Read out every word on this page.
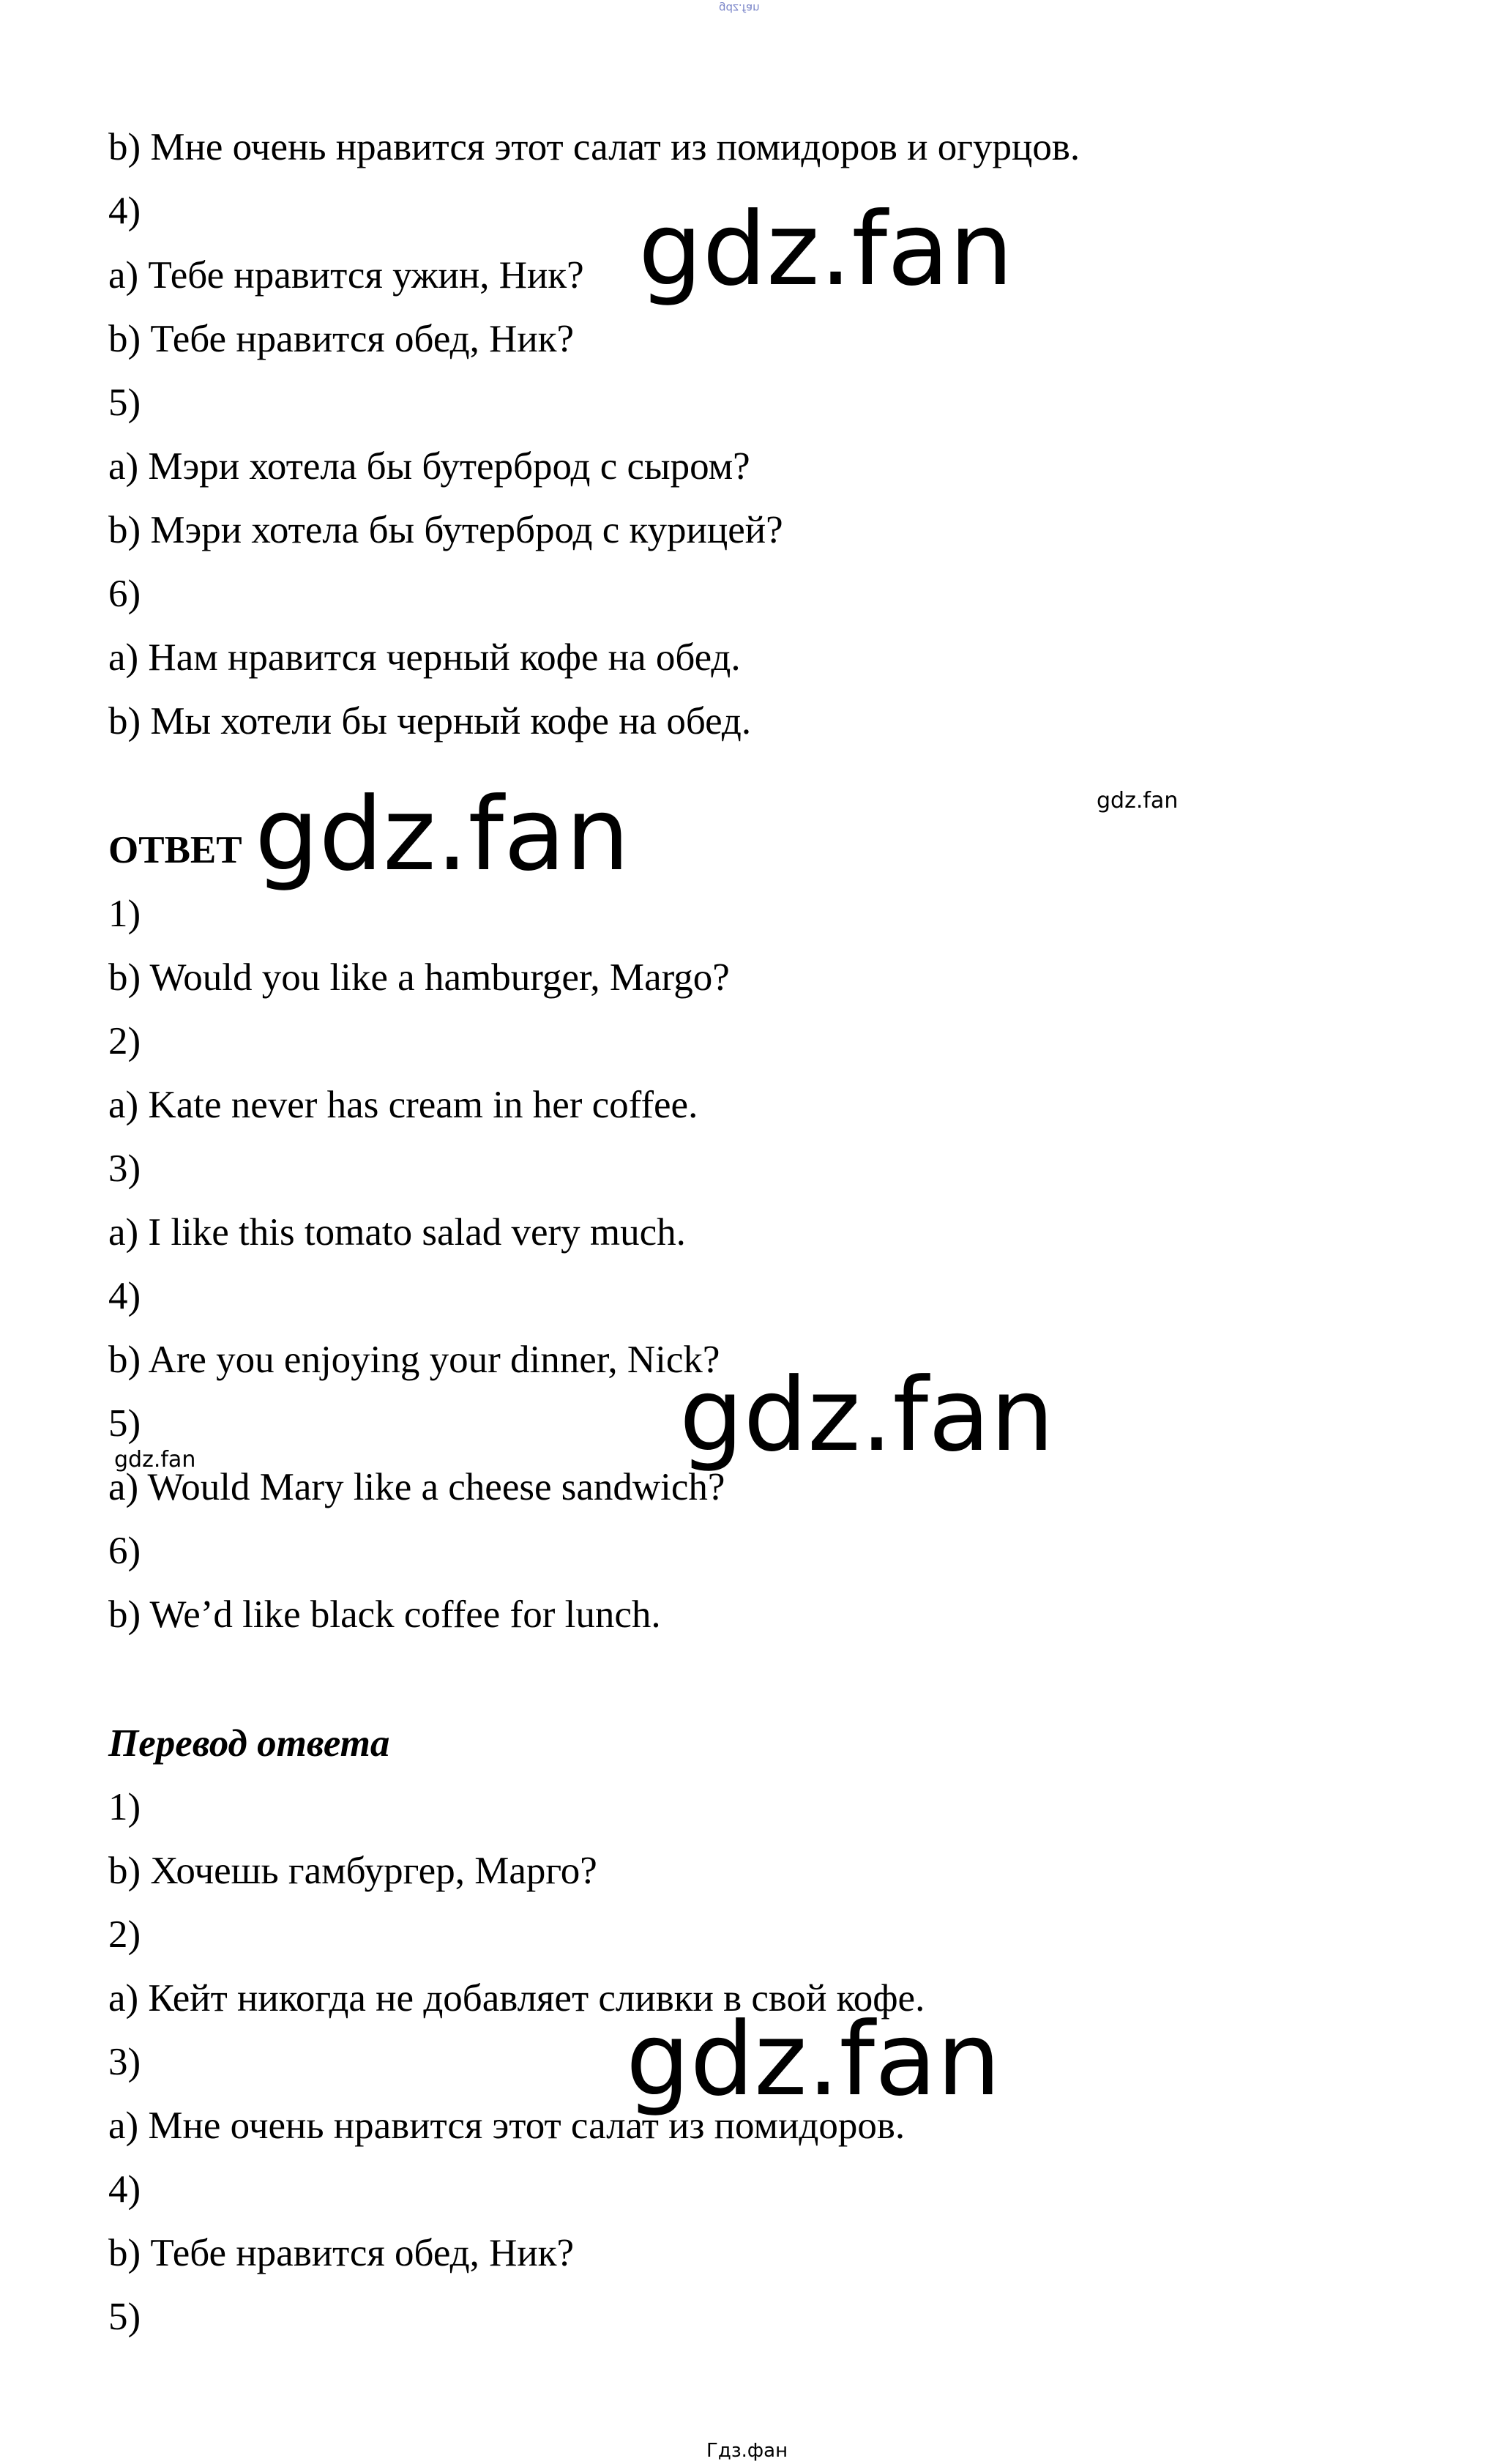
gdz.fan
b) Мне очень нравится этот салат из помидоров и огурцов.
4)
a) Тебе нравится ужин, Ник?
b) Тебе нравится обед, Ник?
5)
a) Мэри хотела бы бутерброд с сыром?
b) Мэри хотела бы бутерброд с курицей?
6)
a) Нам нравится черный кофе на обед.
b) Мы хотели бы черный кофе на обед.
ОТВЕТ
1)
b) Would you like a hamburger, Margo?
2)
a) Kate never has cream in her coffee.
3)
a) I like this tomato salad very much.
4)
b) Are you enjoying your dinner, Nick?
5)
a) Would Mary like a cheese sandwich?
6)
b) We’d like black coffee for lunch.
Перевод ответа
1)
b) Хочешь гамбургер, Марго?
2)
a) Кейт никогда не добавляет сливки в свой кофе.
3)
a) Мне очень нравится этот салат из помидоров.
4)
b) Тебе нравится обед, Ник?
5)
gdz.fan
gdz.fan
gdz.fan
gdz.fan
gdz.fan
gdz.fan
Гдз.фан
